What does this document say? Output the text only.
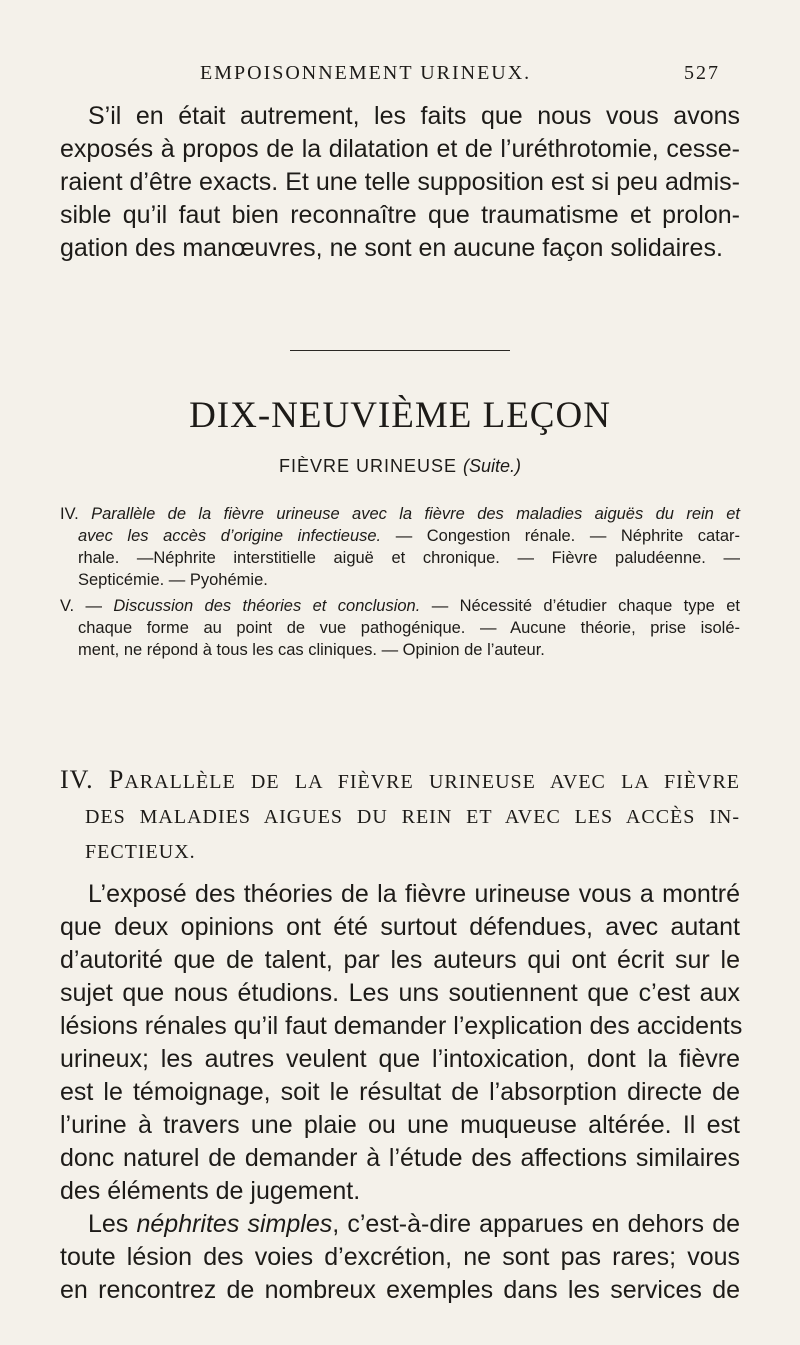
EMPOISONNEMENT URINEUX.	527

S’il en était autrement, les faits que nous vous avons
exposés à propos de la dilatation et de l’uréthrotomie, cesse-
raient d’être exacts. Et une telle supposition est si peu admis-
sible qu’il faut bien reconnaître que traumatisme et prolon-
gation des manœuvres, ne sont en aucune façon solidaires.

DIX-NEUVIÈME LEÇON

FIÈVRE URINEUSE (Suite.)

IV. Parallèle de la fièvre urineuse avec la fièvre des maladies aiguës du rein et
avec les accès d’origine infectieuse. — Congestion rénale. — Néphrite catar-
rhale. —Néphrite interstitielle aiguë et chronique. — Fièvre paludéenne. —
Septicémie. — Pyohémie.

V. — Discussion des théories et conclusion. — Nécessité d’étudier chaque type et
chaque forme au point de vue pathogénique. — Aucune théorie, prise isolé-
ment, ne répond à tous les cas cliniques. — Opinion de l’auteur.

IV. PARALLÈLE DE LA FIÈVRE URINEUSE AVEC LA FIÈVRE
DES MALADIES AIGUES DU REIN ET AVEC LES ACCÈS IN-
FECTIEUX.

L’exposé des théories de la fièvre urineuse vous a montré
que deux opinions ont été surtout défendues, avec autant
d’autorité que de talent, par les auteurs qui ont écrit sur le
sujet que nous étudions. Les uns soutiennent que c’est aux
lésions rénales qu’il faut demander l’explication des accidents
urineux; les autres veulent que l’intoxication, dont la fièvre
est le témoignage, soit le résultat de l’absorption directe de
l’urine à travers une plaie ou une muqueuse altérée. Il est
donc naturel de demander à l’étude des affections similaires
des éléments de jugement.

Les néphrites simples, c’est-à-dire apparues en dehors de
toute lésion des voies d’excrétion, ne sont pas rares; vous
en rencontrez de nombreux exemples dans les services de
